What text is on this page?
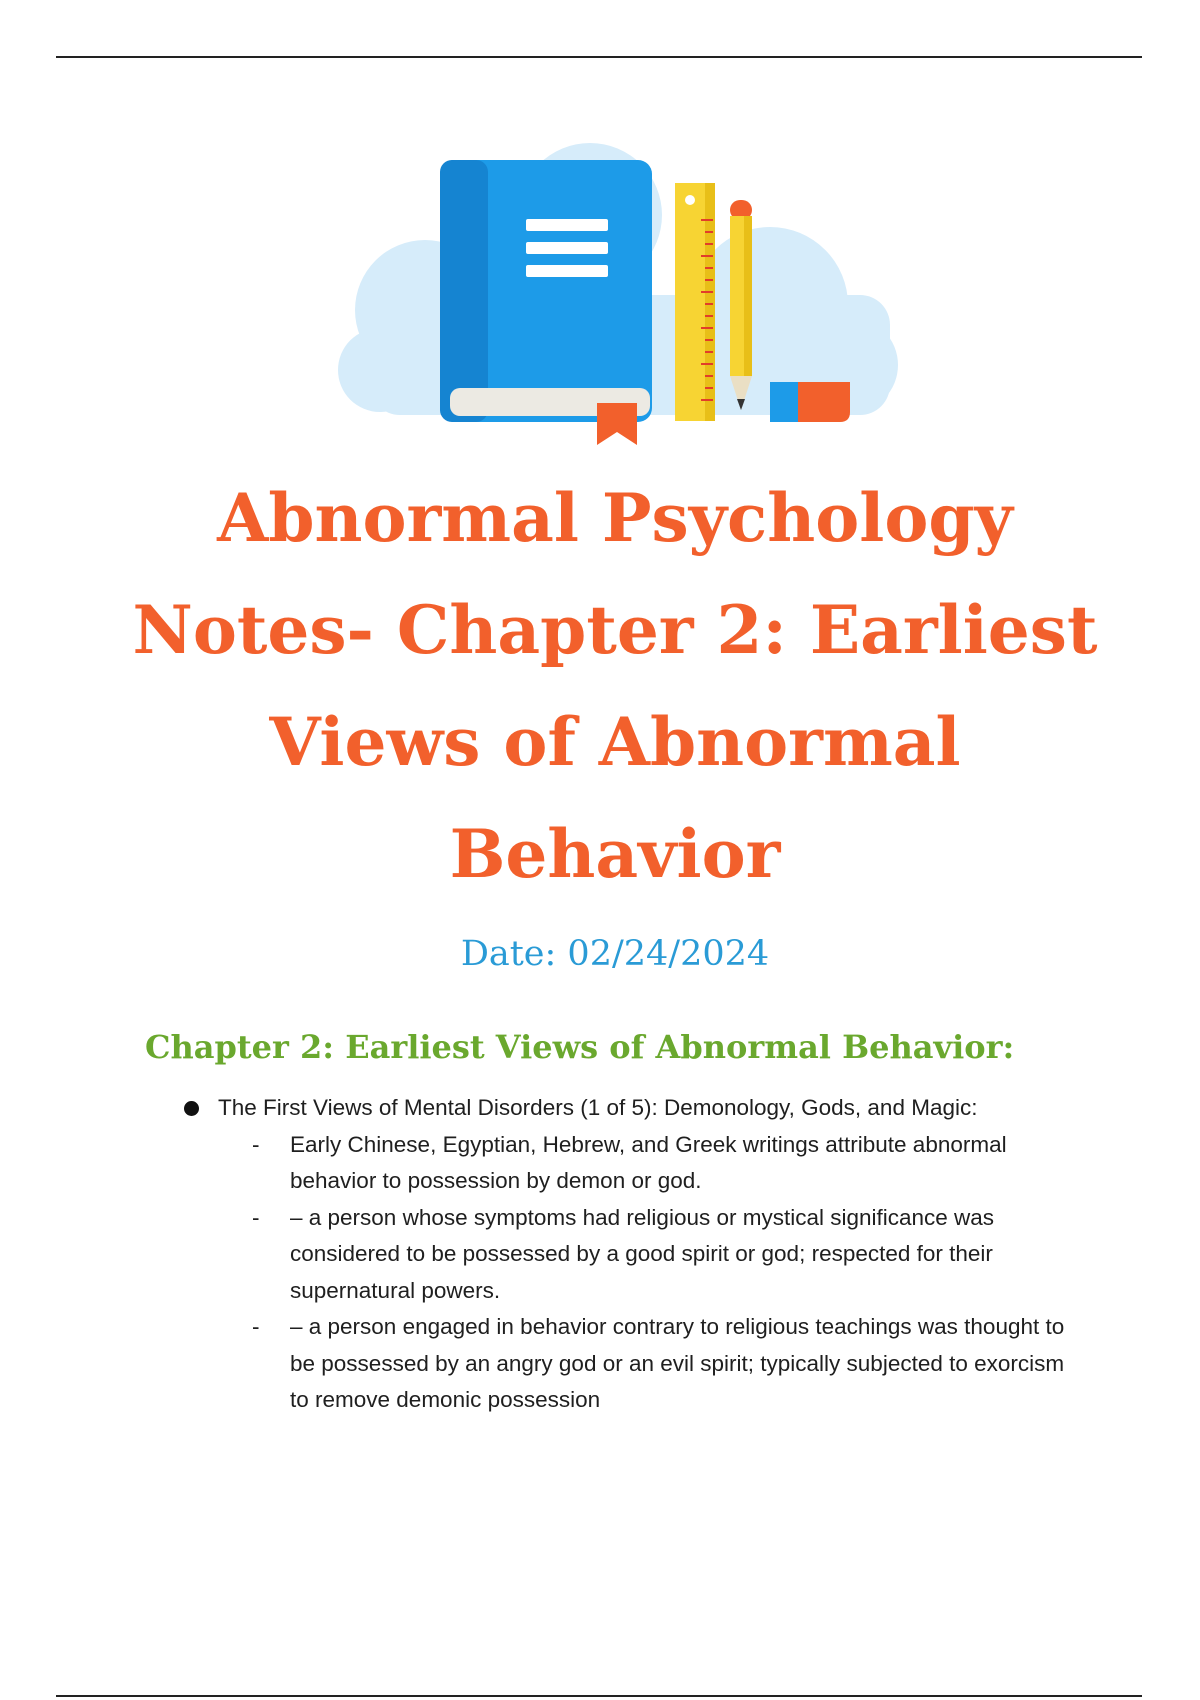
Abnormal Psychology Notes- Chapter 2: Earliest Views of Abnormal Behavior
Date: 02/24/2024
Chapter 2: Earliest Views of Abnormal Behavior:
The First Views of Mental Disorders (1 of 5): Demonology, Gods, and Magic:
- Early Chinese, Egyptian, Hebrew, and Greek writings attribute abnormal behavior to possession by demon or god.
- – a person whose symptoms had religious or mystical significance was considered to be possessed by a good spirit or god; respected for their supernatural powers.
- – a person engaged in behavior contrary to religious teachings was thought to be possessed by an angry god or an evil spirit; typically subjected to exorcism to remove demonic possession
